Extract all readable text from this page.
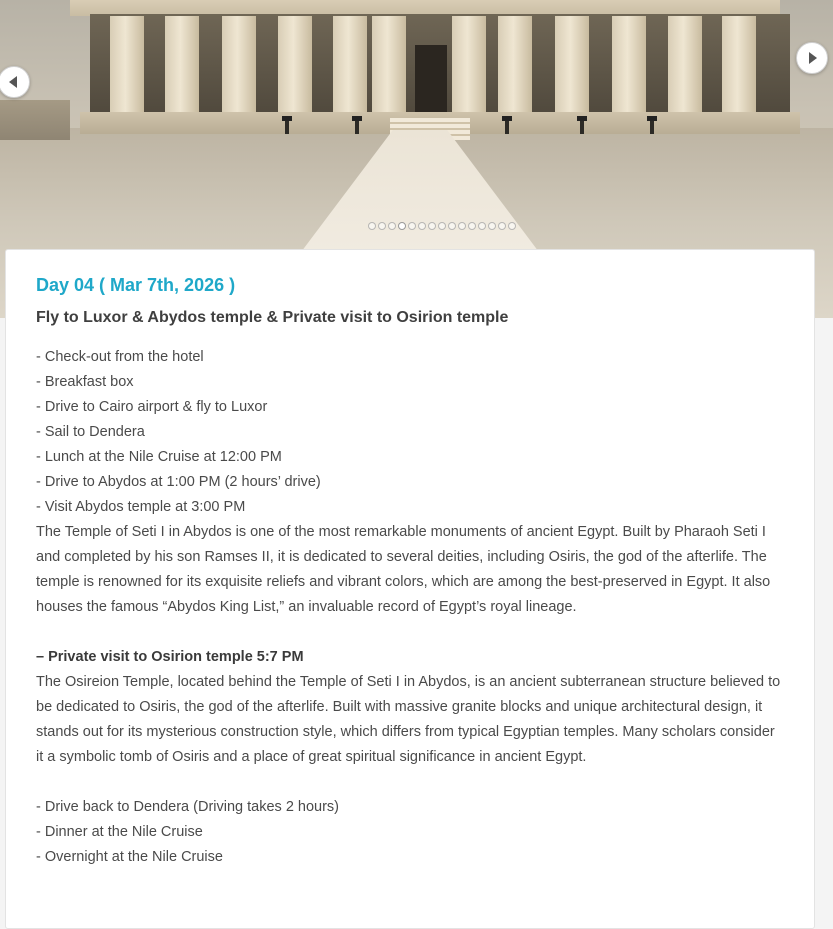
Day 04 ( Mar 7th, 2026 )
Fly to Luxor & Abydos temple & Private visit to Osirion temple
- Check-out from the hotel
- Breakfast box
- Drive to Cairo airport & fly to Luxor
- Sail to Dendera
- Lunch at the Nile Cruise at 12:00 PM
- Drive to Abydos at 1:00 PM (2 hours’ drive)
- Visit Abydos temple at 3:00 PM
The Temple of Seti I in Abydos is one of the most remarkable monuments of ancient Egypt. Built by Pharaoh Seti I and completed by his son Ramses II, it is dedicated to several deities, including Osiris, the god of the afterlife. The temple is renowned for its exquisite reliefs and vibrant colors, which are among the best-preserved in Egypt. It also houses the famous “Abydos King List,” an invaluable record of Egypt’s royal lineage.
– Private visit to Osirion temple 5:7 PM
The Osireion Temple, located behind the Temple of Seti I in Abydos, is an ancient subterranean structure believed to be dedicated to Osiris, the god of the afterlife. Built with massive granite blocks and unique architectural design, it stands out for its mysterious construction style, which differs from typical Egyptian temples. Many scholars consider it a symbolic tomb of Osiris and a place of great spiritual significance in ancient Egypt.
- Drive back to Dendera (Driving takes 2 hours)
- Dinner at the Nile Cruise
- Overnight at the Nile Cruise
